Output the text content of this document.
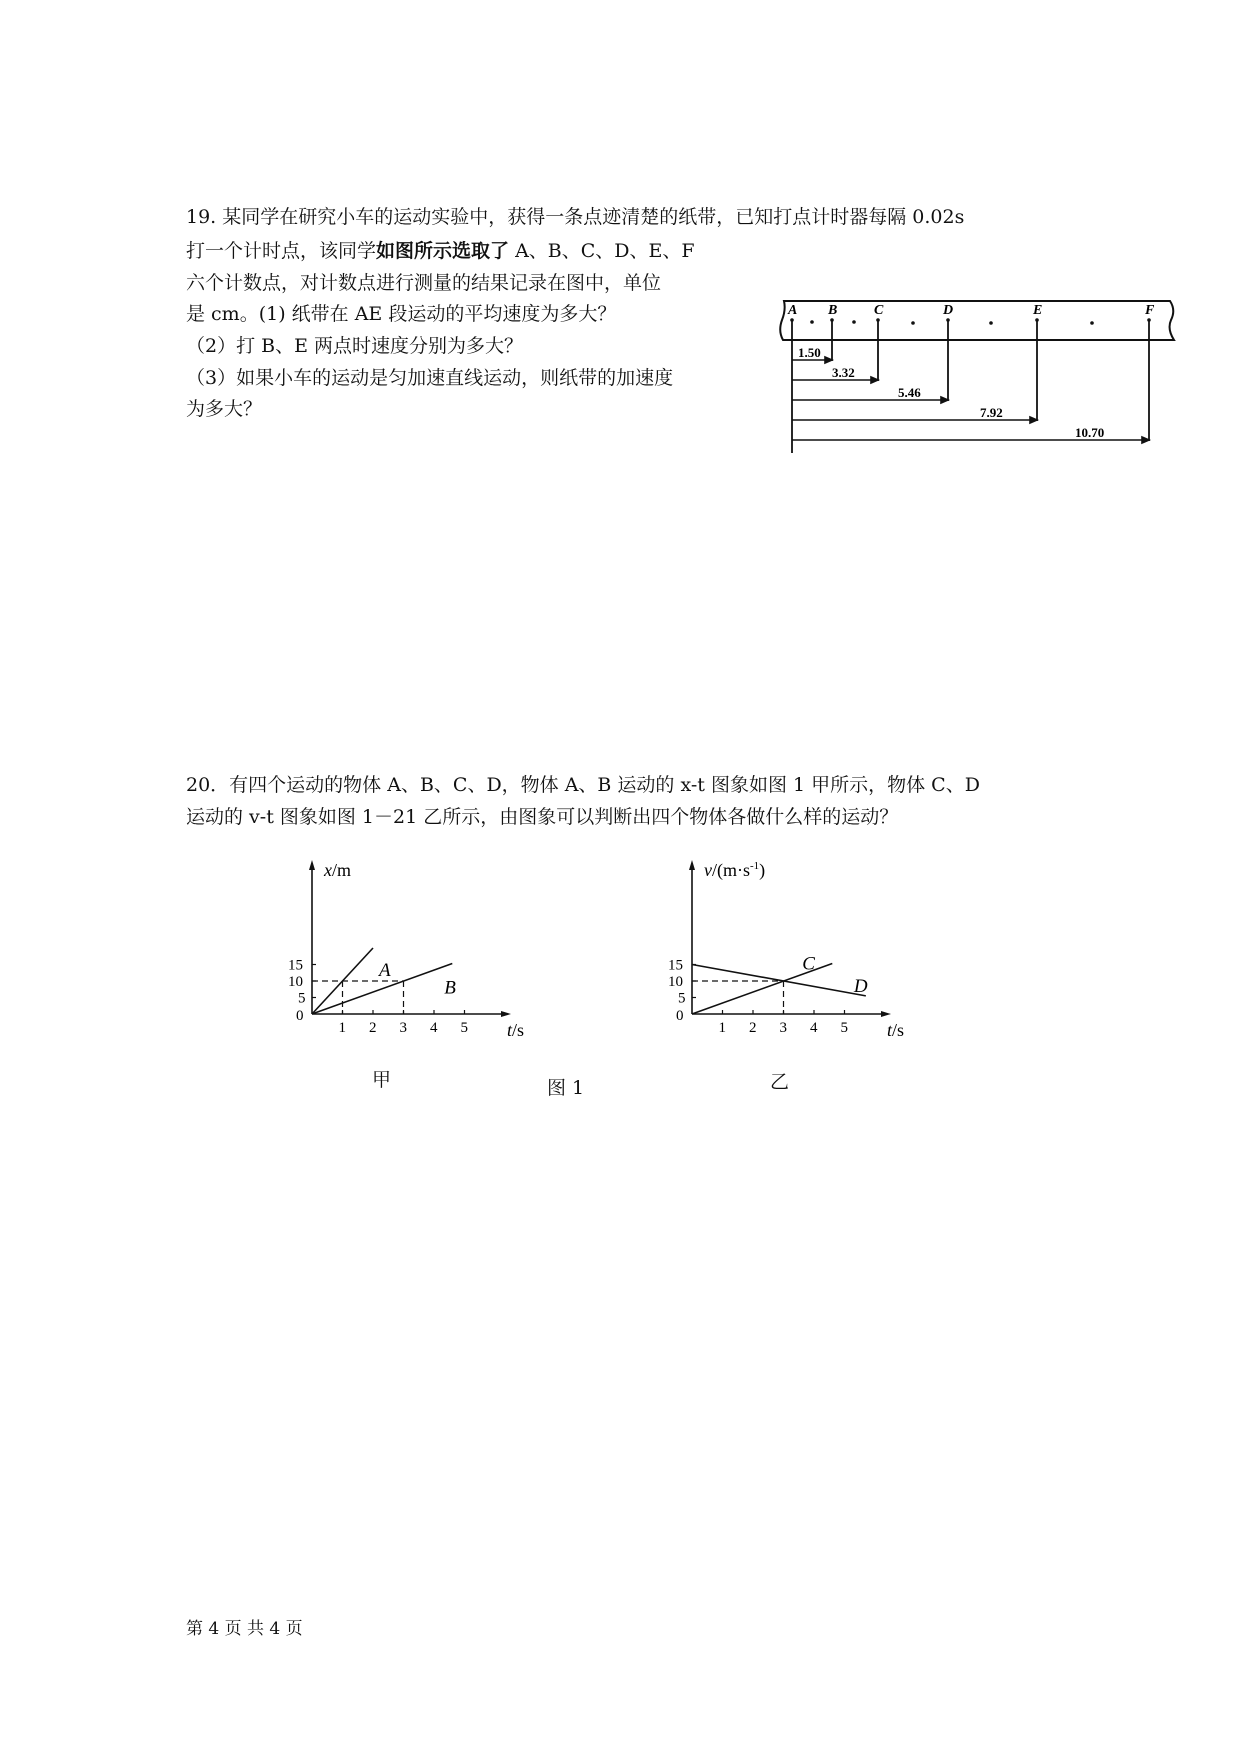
19. 某同学在研究小车的运动实验中，获得一条点迹清楚的纸带，已知打点计时器每隔 0.02s
打一个计时点，该同学如图所示选取了 A、B、C、D、E、F
六个计数点，对计数点进行测量的结果记录在图中，单位
是 cm。(1) 纸带在 AE 段运动的平均速度为多大？
（2）打 B、E 两点时速度分别为多大？
（3）如果小车的运动是匀加速直线运动，则纸带的加速度
为多大？
A B	C	D	E	F
1.50
3.32
5.46
7.92
10.70
20．有四个运动的物体 A、B、C、D，物体 A、B 运动的 x-t 图象如图 1 甲所示，物体 C、D
运动的 v-t 图象如图 1－21 乙所示，由图象可以判断出四个物体各做什么样的运动？
0
1 2 3 4 5
5
10
15
x/m
t/s
A
B
0
1 2 3 4 5
5
10
15
$v/(m\cdot s^{-1})$
t/s
C
D
甲	图 1	乙
第 4 页 共 4 页
